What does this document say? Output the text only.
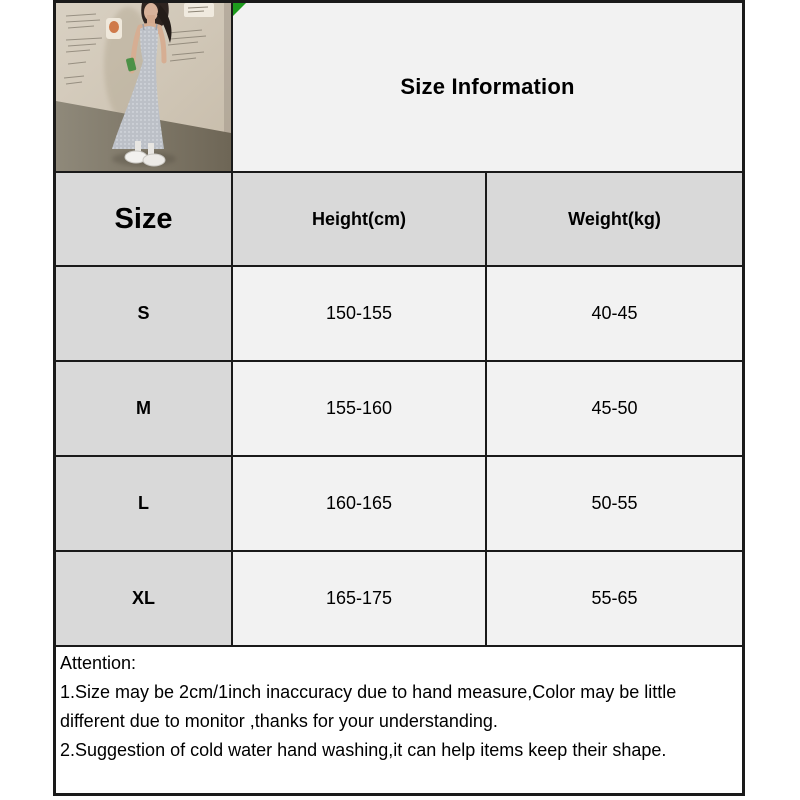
Size Information
Size	Height(cm)	Weight(kg)
S	150-155	40-45
M	155-160	45-50
L	160-165	50-55
XL	165-175	55-65
Attention:
1.Size may be 2cm/1inch inaccuracy due to hand measure,Color may be little
different due to monitor ,thanks for your understanding.
2.Suggestion of cold water hand washing,it can help items keep their shape.
